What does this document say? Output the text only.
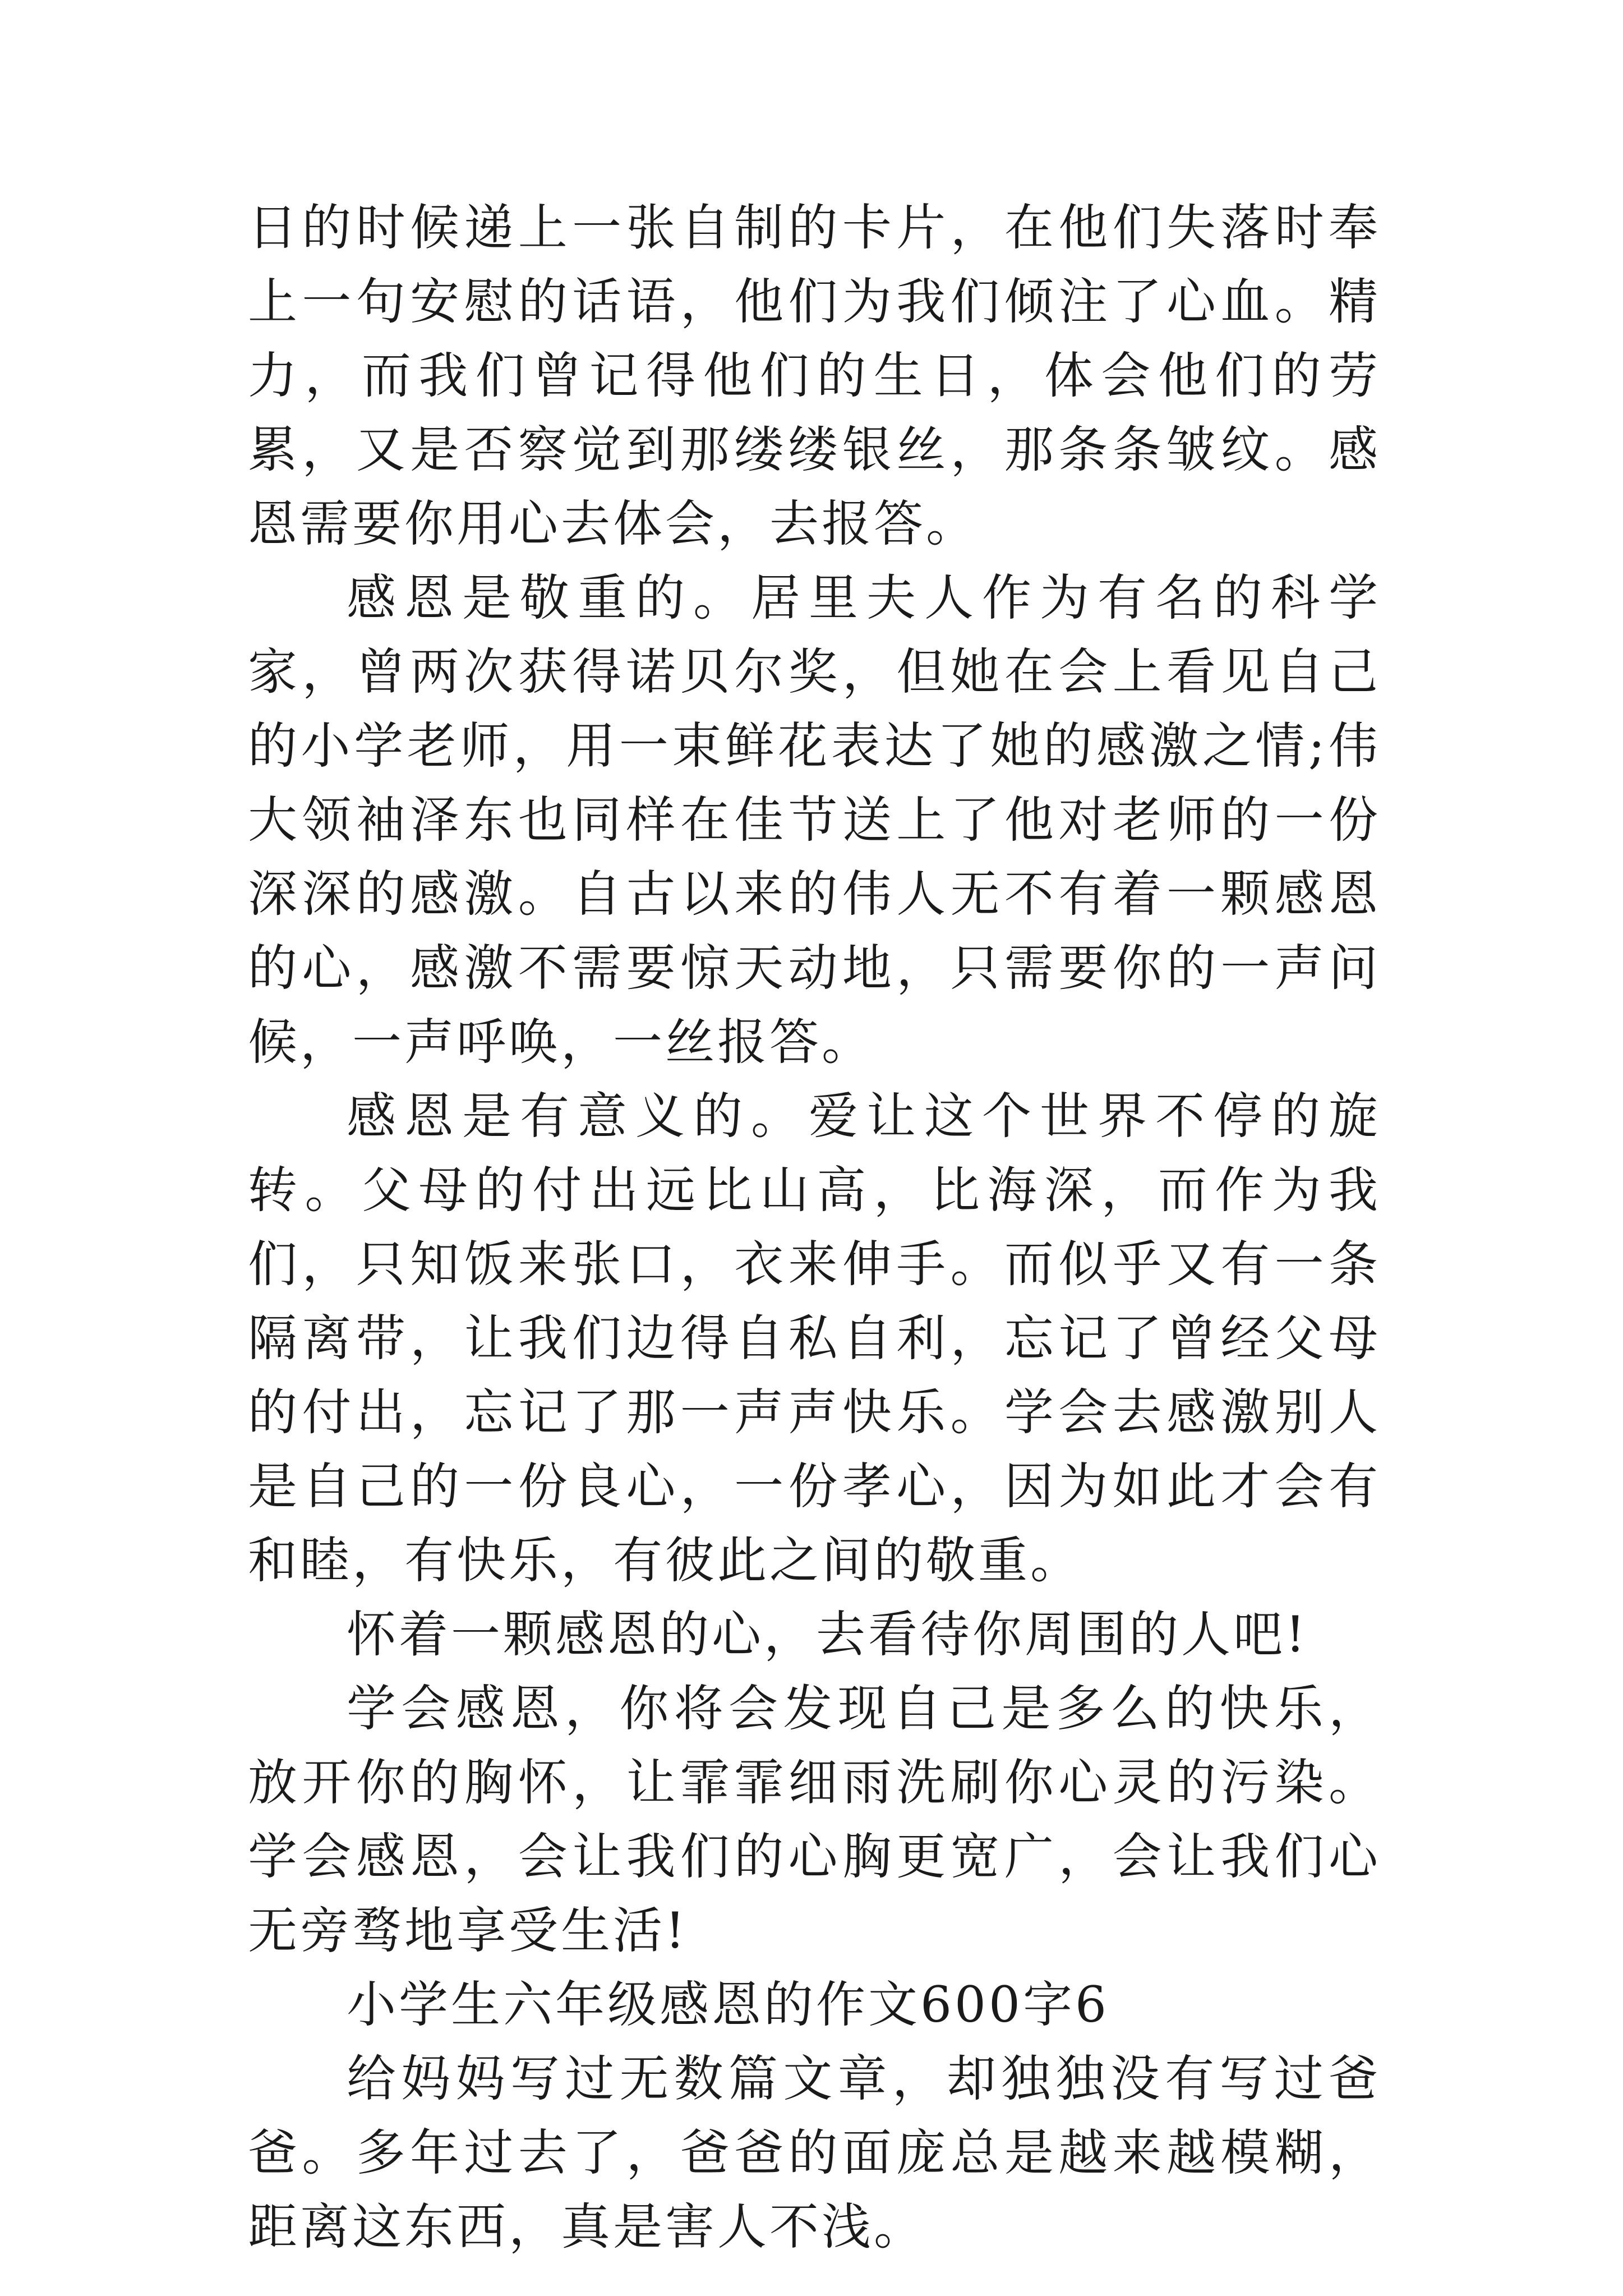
日的时候递上一张自制的卡片，在他们失落时奉上一句安慰的话语，他们为我们倾注了心血。精力，而我们曾记得他们的生日，体会他们的劳累，又是否察觉到那缕缕银丝，那条条皱纹。感恩需要你用心去体会，去报答。

感恩是敬重的。居里夫人作为有名的科学家，曾两次获得诺贝尔奖，但她在会上看见自己的小学老师，用一束鲜花表达了她的感激之情;伟大领袖泽东也同样在佳节送上了他对老师的一份深深的感激。自古以来的伟人无不有着一颗感恩的心，感激不需要惊天动地，只需要你的一声问候，一声呼唤，一丝报答。

感恩是有意义的。爱让这个世界不停的旋转。父母的付出远比山高，比海深，而作为我们，只知饭来张口，衣来伸手。而似乎又有一条隔离带，让我们边得自私自利，忘记了曾经父母的付出，忘记了那一声声快乐。学会去感激别人是自己的一份良心，一份孝心，因为如此才会有和睦，有快乐，有彼此之间的敬重。

怀着一颗感恩的心，去看待你周围的人吧!

学会感恩，你将会发现自己是多么的快乐，放开你的胸怀，让霏霏细雨洗刷你心灵的污染。学会感恩，会让我们的心胸更宽广，会让我们心无旁骛地享受生活!

小学生六年级感恩的作文600字6

给妈妈写过无数篇文章，却独独没有写过爸爸。多年过去了，爸爸的面庞总是越来越模糊，距离这东西，真是害人不浅。
